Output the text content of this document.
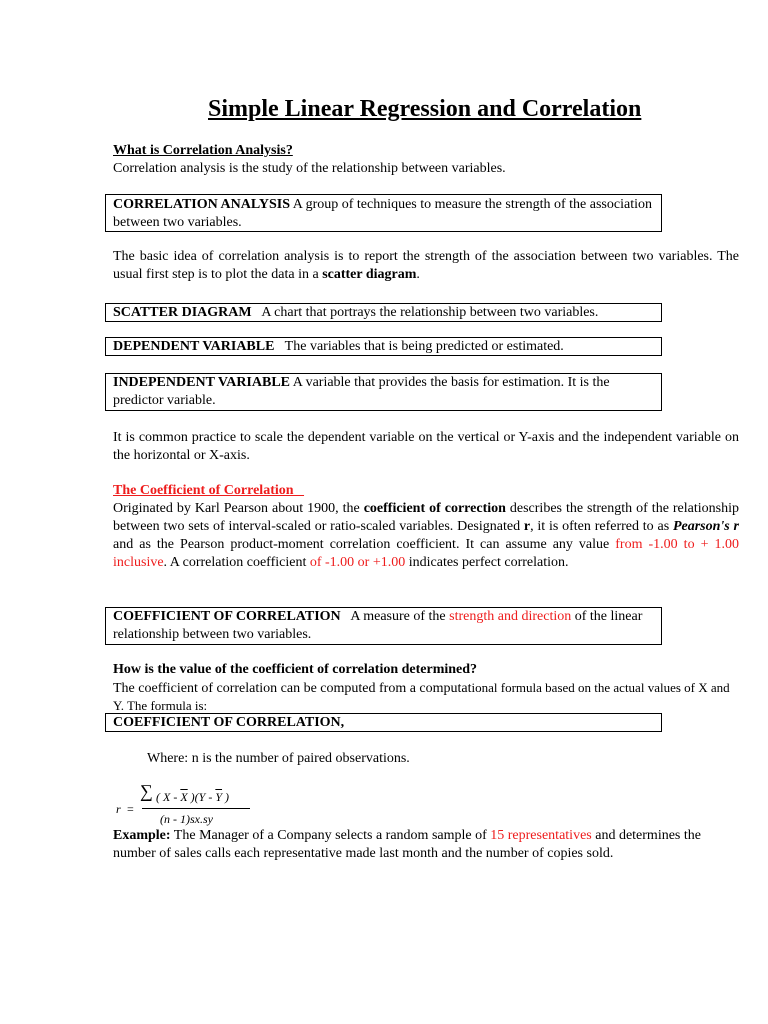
Simple Linear Regression and Correlation
What is Correlation Analysis?
Correlation analysis is the study of the relationship between variables.
CORRELATION ANALYSIS A group of techniques to measure the strength of the association between two variables.
The basic idea of correlation analysis is to report the strength of the association between two variables. The usual first step is to plot the data in a scatter diagram.
SCATTER DIAGRAM   A chart that portrays the relationship between two variables.
DEPENDENT VARIABLE   The variables that is being predicted or estimated.
INDEPENDENT VARIABLE A variable that provides the basis for estimation. It is the predictor variable.
It is common practice to scale the dependent variable on the vertical or Y-axis and the independent variable on the horizontal or X-axis.
The Coefficient of Correlation
Originated by Karl Pearson about 1900, the coefficient of correction describes the strength of the relationship between two sets of interval-scaled or ratio-scaled variables. Designated r, it is often referred to as Pearson's r and as the Pearson product-moment correlation coefficient. It can assume any value from -1.00 to + 1.00 inclusive. A correlation coefficient of -1.00 or +1.00 indicates perfect correlation.
COEFFICIENT OF CORRELATION   A measure of the strength and direction of the linear relationship between two variables.
How is the value of the coefficient of correlation determined?
The coefficient of correlation can be computed from a computational formula based on the actual values of X and Y. The formula is:
COEFFICIENT OF CORRELATION,
Where: n is the number of paired observations.
r =
∑ ( X - $\overline{X}$ )($Y - \overline{Y}$ )
(n - 1)sx.sy
Example: The Manager of a Company selects a random sample of 15 representatives and determines the number of sales calls each representative made last month and the number of copies sold.
